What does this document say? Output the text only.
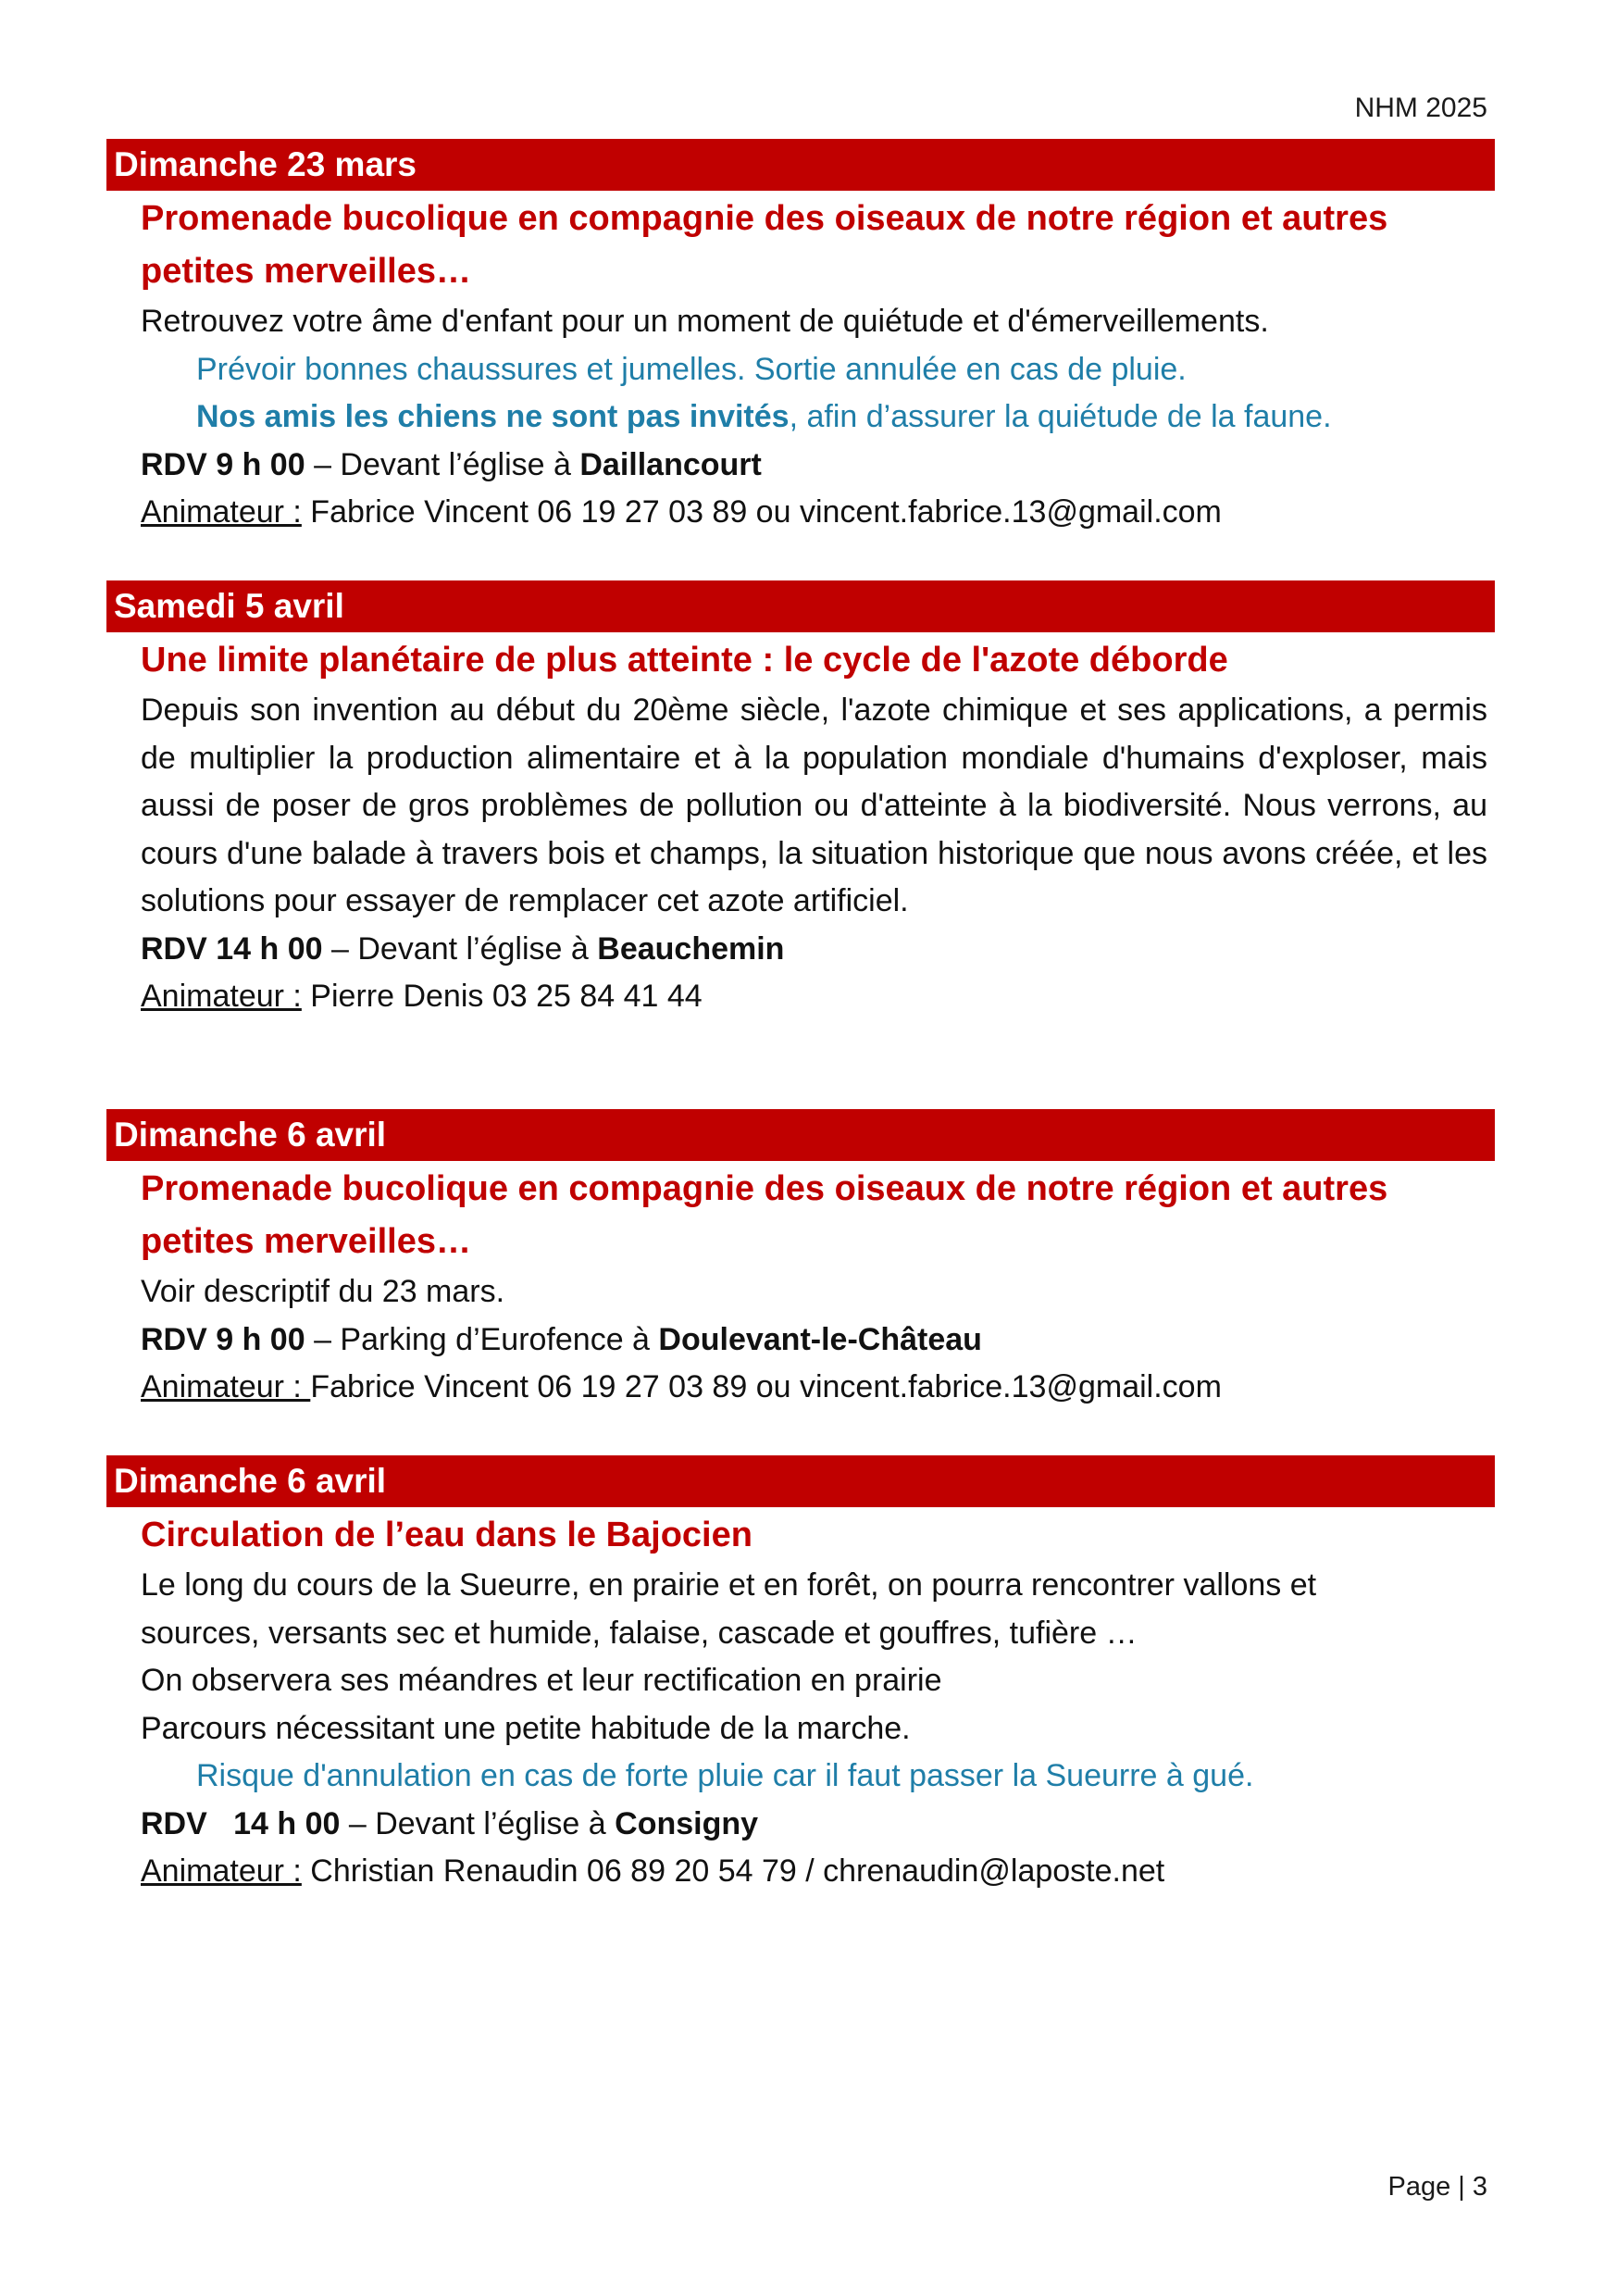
NHM 2025
Dimanche 23 mars
Promenade bucolique en compagnie des oiseaux de notre région et autres
petites merveilles…
Retrouvez votre âme d'enfant pour un moment de quiétude et d'émerveillements.
Prévoir bonnes chaussures et jumelles. Sortie annulée en cas de pluie.
Nos amis les chiens ne sont pas invités, afin d’assurer la quiétude de la faune.
RDV 9 h 00 – Devant l’église à Daillancourt
Animateur : Fabrice Vincent 06 19 27 03 89 ou vincent.fabrice.13@gmail.com
Samedi 5 avril
Une limite planétaire de plus atteinte : le cycle de l'azote déborde
Depuis son invention au début du 20ème siècle, l'azote chimique et ses applications, a permis de multiplier la production alimentaire et à la population mondiale d'humains d'exploser, mais aussi de poser de gros problèmes de pollution ou d'atteinte à la biodiversité. Nous verrons, au cours d'une balade à travers bois et champs, la situation historique que nous avons créée, et les solutions pour essayer de remplacer cet azote artificiel.
RDV 14 h 00 – Devant l’église à Beauchemin
Animateur : Pierre Denis 03 25 84 41 44
Dimanche 6 avril
Promenade bucolique en compagnie des oiseaux de notre région et autres
petites merveilles…
Voir descriptif du 23 mars.
RDV 9 h 00 – Parking d’Eurofence à Doulevant-le-Château
Animateur : Fabrice Vincent 06 19 27 03 89 ou vincent.fabrice.13@gmail.com
Dimanche 6 avril
Circulation de l’eau dans le Bajocien
Le long du cours de la Sueurre, en prairie et en forêt, on pourra rencontrer vallons et
sources, versants sec et humide, falaise, cascade et gouffres, tufière …
On observera ses méandres et leur rectification en prairie
Parcours nécessitant une petite habitude de la marche.
Risque d'annulation en cas de forte pluie car il faut passer la Sueurre à gué.
RDV   14 h 00 – Devant l’église à Consigny
Animateur : Christian Renaudin 06 89 20 54 79 / chrenaudin@laposte.net
Page | 3
